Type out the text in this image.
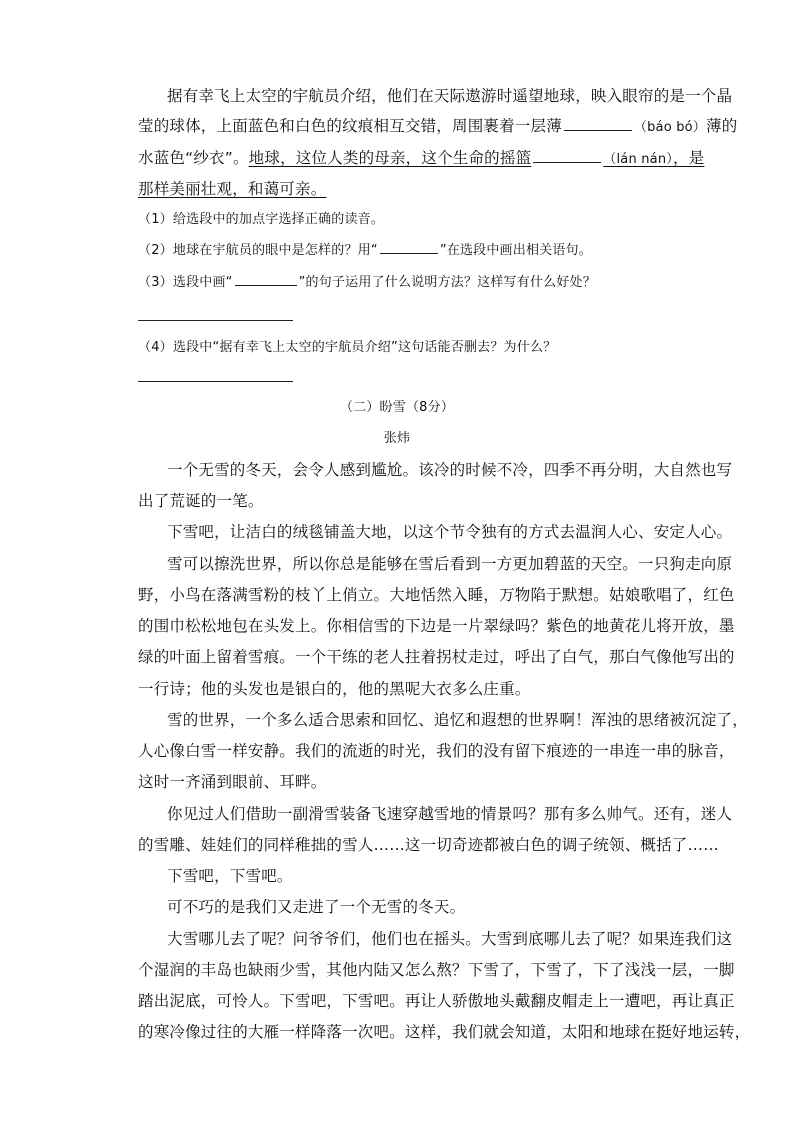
据有幸飞上太空的宇航员介绍，他们在天际遨游时遥望地球，映入眼帘的是一个晶
莹的球体，上面蓝色和白色的纹痕相互交错，周围裹着一层薄	（báo bó）薄的
水蓝色“纱衣”。地球，这位人类的母亲，这个生命的摇篮	（lán nán），是
那样美丽壮观，和蔼可亲。
（1）给选段中的加点字选择正确的读音。
（2）地球在宇航员的眼中是怎样的？用“	”在选段中画出相关语句。
（3）选段中画“	”的句子运用了什么说明方法？这样写有什么好处？
（4）选段中“据有幸飞上太空的宇航员介绍”这句话能否删去？为什么？
（二）盼雪（8分）
张炜
一个无雪的冬天，会令人感到尴尬。该冷的时候不冷，四季不再分明，大自然也写
出了荒诞的一笔。
下雪吧，让洁白的绒毯铺盖大地，以这个节令独有的方式去温润人心、安定人心。
雪可以擦洗世界，所以你总是能够在雪后看到一方更加碧蓝的天空。一只狗走向原
野，小鸟在落满雪粉的枝丫上俏立。大地恬然入睡，万物陷于默想。姑娘歌唱了，红色
的围巾松松地包在头发上。你相信雪的下边是一片翠绿吗？紫色的地黄花儿将开放，墨
绿的叶面上留着雪痕。一个干练的老人拄着拐杖走过，呼出了白气，那白气像他写出的
一行诗；他的头发也是银白的，他的黑呢大衣多么庄重。
雪的世界，一个多么适合思索和回忆、追忆和遐想的世界啊！浑浊的思绪被沉淀了，
人心像白雪一样安静。我们的流逝的时光，我们的没有留下痕迹的一串连一串的脉音，
这时一齐涌到眼前、耳畔。
你见过人们借助一副滑雪装备飞速穿越雪地的情景吗？那有多么帅气。还有，迷人
的雪雕、娃娃们的同样稚拙的雪人……这一切奇迹都被白色的调子统领、概括了……
下雪吧，下雪吧。
可不巧的是我们又走进了一个无雪的冬天。
大雪哪儿去了呢？问爷爷们，他们也在摇头。大雪到底哪儿去了呢？如果连我们这
个湿润的丰岛也缺雨少雪，其他内陆又怎么熬？下雪了，下雪了，下了浅浅一层，一脚
踏出泥底，可怜人。下雪吧，下雪吧。再让人骄傲地头戴翻皮帽走上一遭吧，再让真正
的寒冷像过往的大雁一样降落一次吧。这样，我们就会知道，太阳和地球在挺好地运转，
